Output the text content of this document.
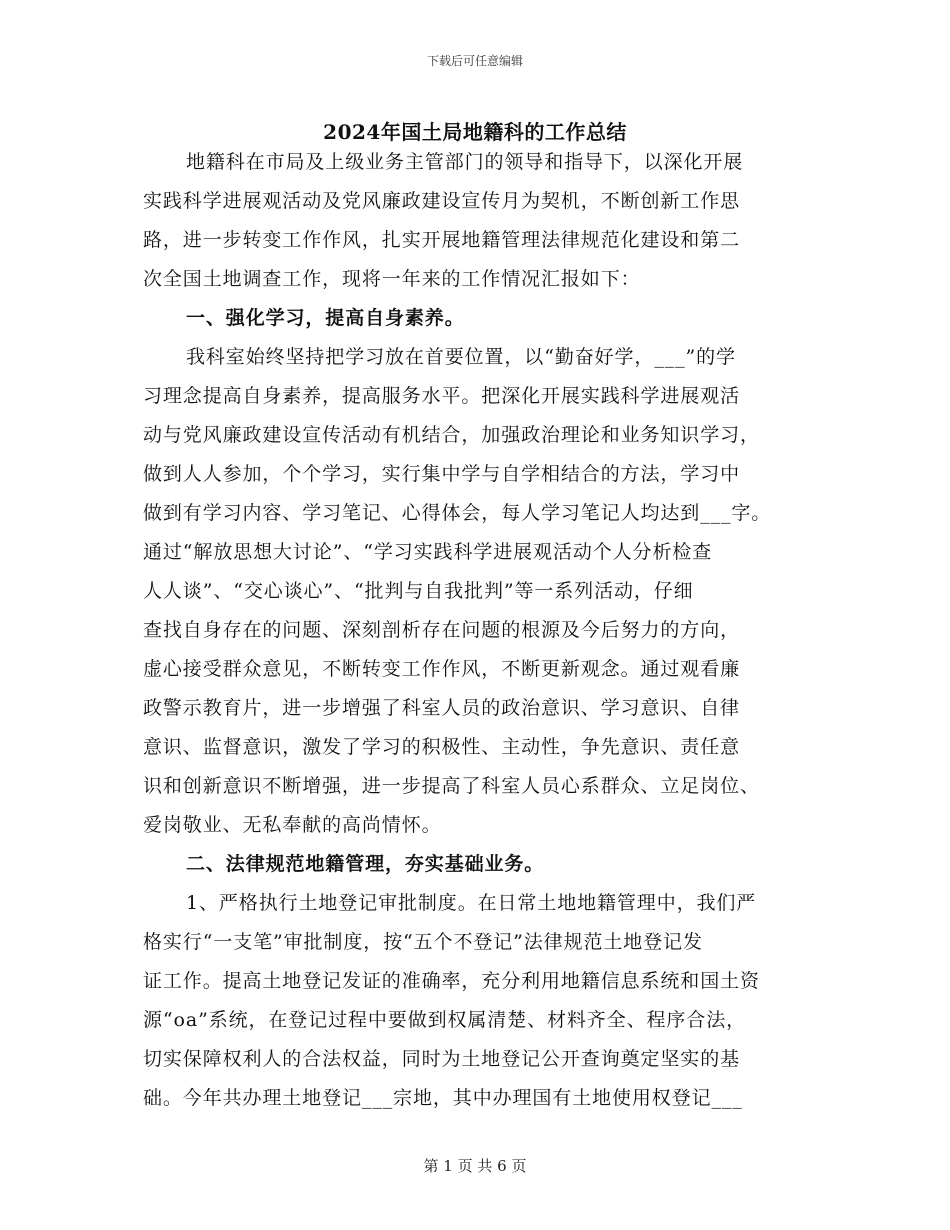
下载后可任意编辑
2024年国土局地籍科的工作总结
地籍科在市局及上级业务主管部门的领导和指导下，以深化开展
实践科学进展观活动及党风廉政建设宣传月为契机，不断创新工作思
路，进一步转变工作作风，扎实开展地籍管理法律规范化建设和第二
次全国土地调查工作，现将一年来的工作情况汇报如下：
一、强化学习，提高自身素养。
我科室始终坚持把学习放在首要位置，以“勤奋好学，___”的学
习理念提高自身素养，提高服务水平。把深化开展实践科学进展观活
动与党风廉政建设宣传活动有机结合，加强政治理论和业务知识学习，
做到人人参加，个个学习，实行集中学与自学相结合的方法，学习中
做到有学习内容、学习笔记、心得体会，每人学习笔记人均达到___字。
通过“解放思想大讨论”、“学习实践科学进展观活动个人分析检查
人人谈”、“交心谈心”、“批判与自我批判”等一系列活动，仔细
查找自身存在的问题、深刻剖析存在问题的根源及今后努力的方向，
虚心接受群众意见，不断转变工作作风，不断更新观念。通过观看廉
政警示教育片，进一步增强了科室人员的政治意识、学习意识、自律
意识、监督意识，激发了学习的积极性、主动性，争先意识、责任意
识和创新意识不断增强，进一步提高了科室人员心系群众、立足岗位、
爱岗敬业、无私奉献的高尚情怀。
二、法律规范地籍管理，夯实基础业务。
1、严格执行土地登记审批制度。在日常土地地籍管理中，我们严
格实行“一支笔”审批制度，按“五个不登记”法律规范土地登记发
证工作。提高土地登记发证的准确率，充分利用地籍信息系统和国土资
源“oa”系统，在登记过程中要做到权属清楚、材料齐全、程序合法，
切实保障权利人的合法权益，同时为土地登记公开查询奠定坚实的基
础。今年共办理土地登记___宗地，其中办理国有土地使用权登记___
第 1 页 共 6 页
